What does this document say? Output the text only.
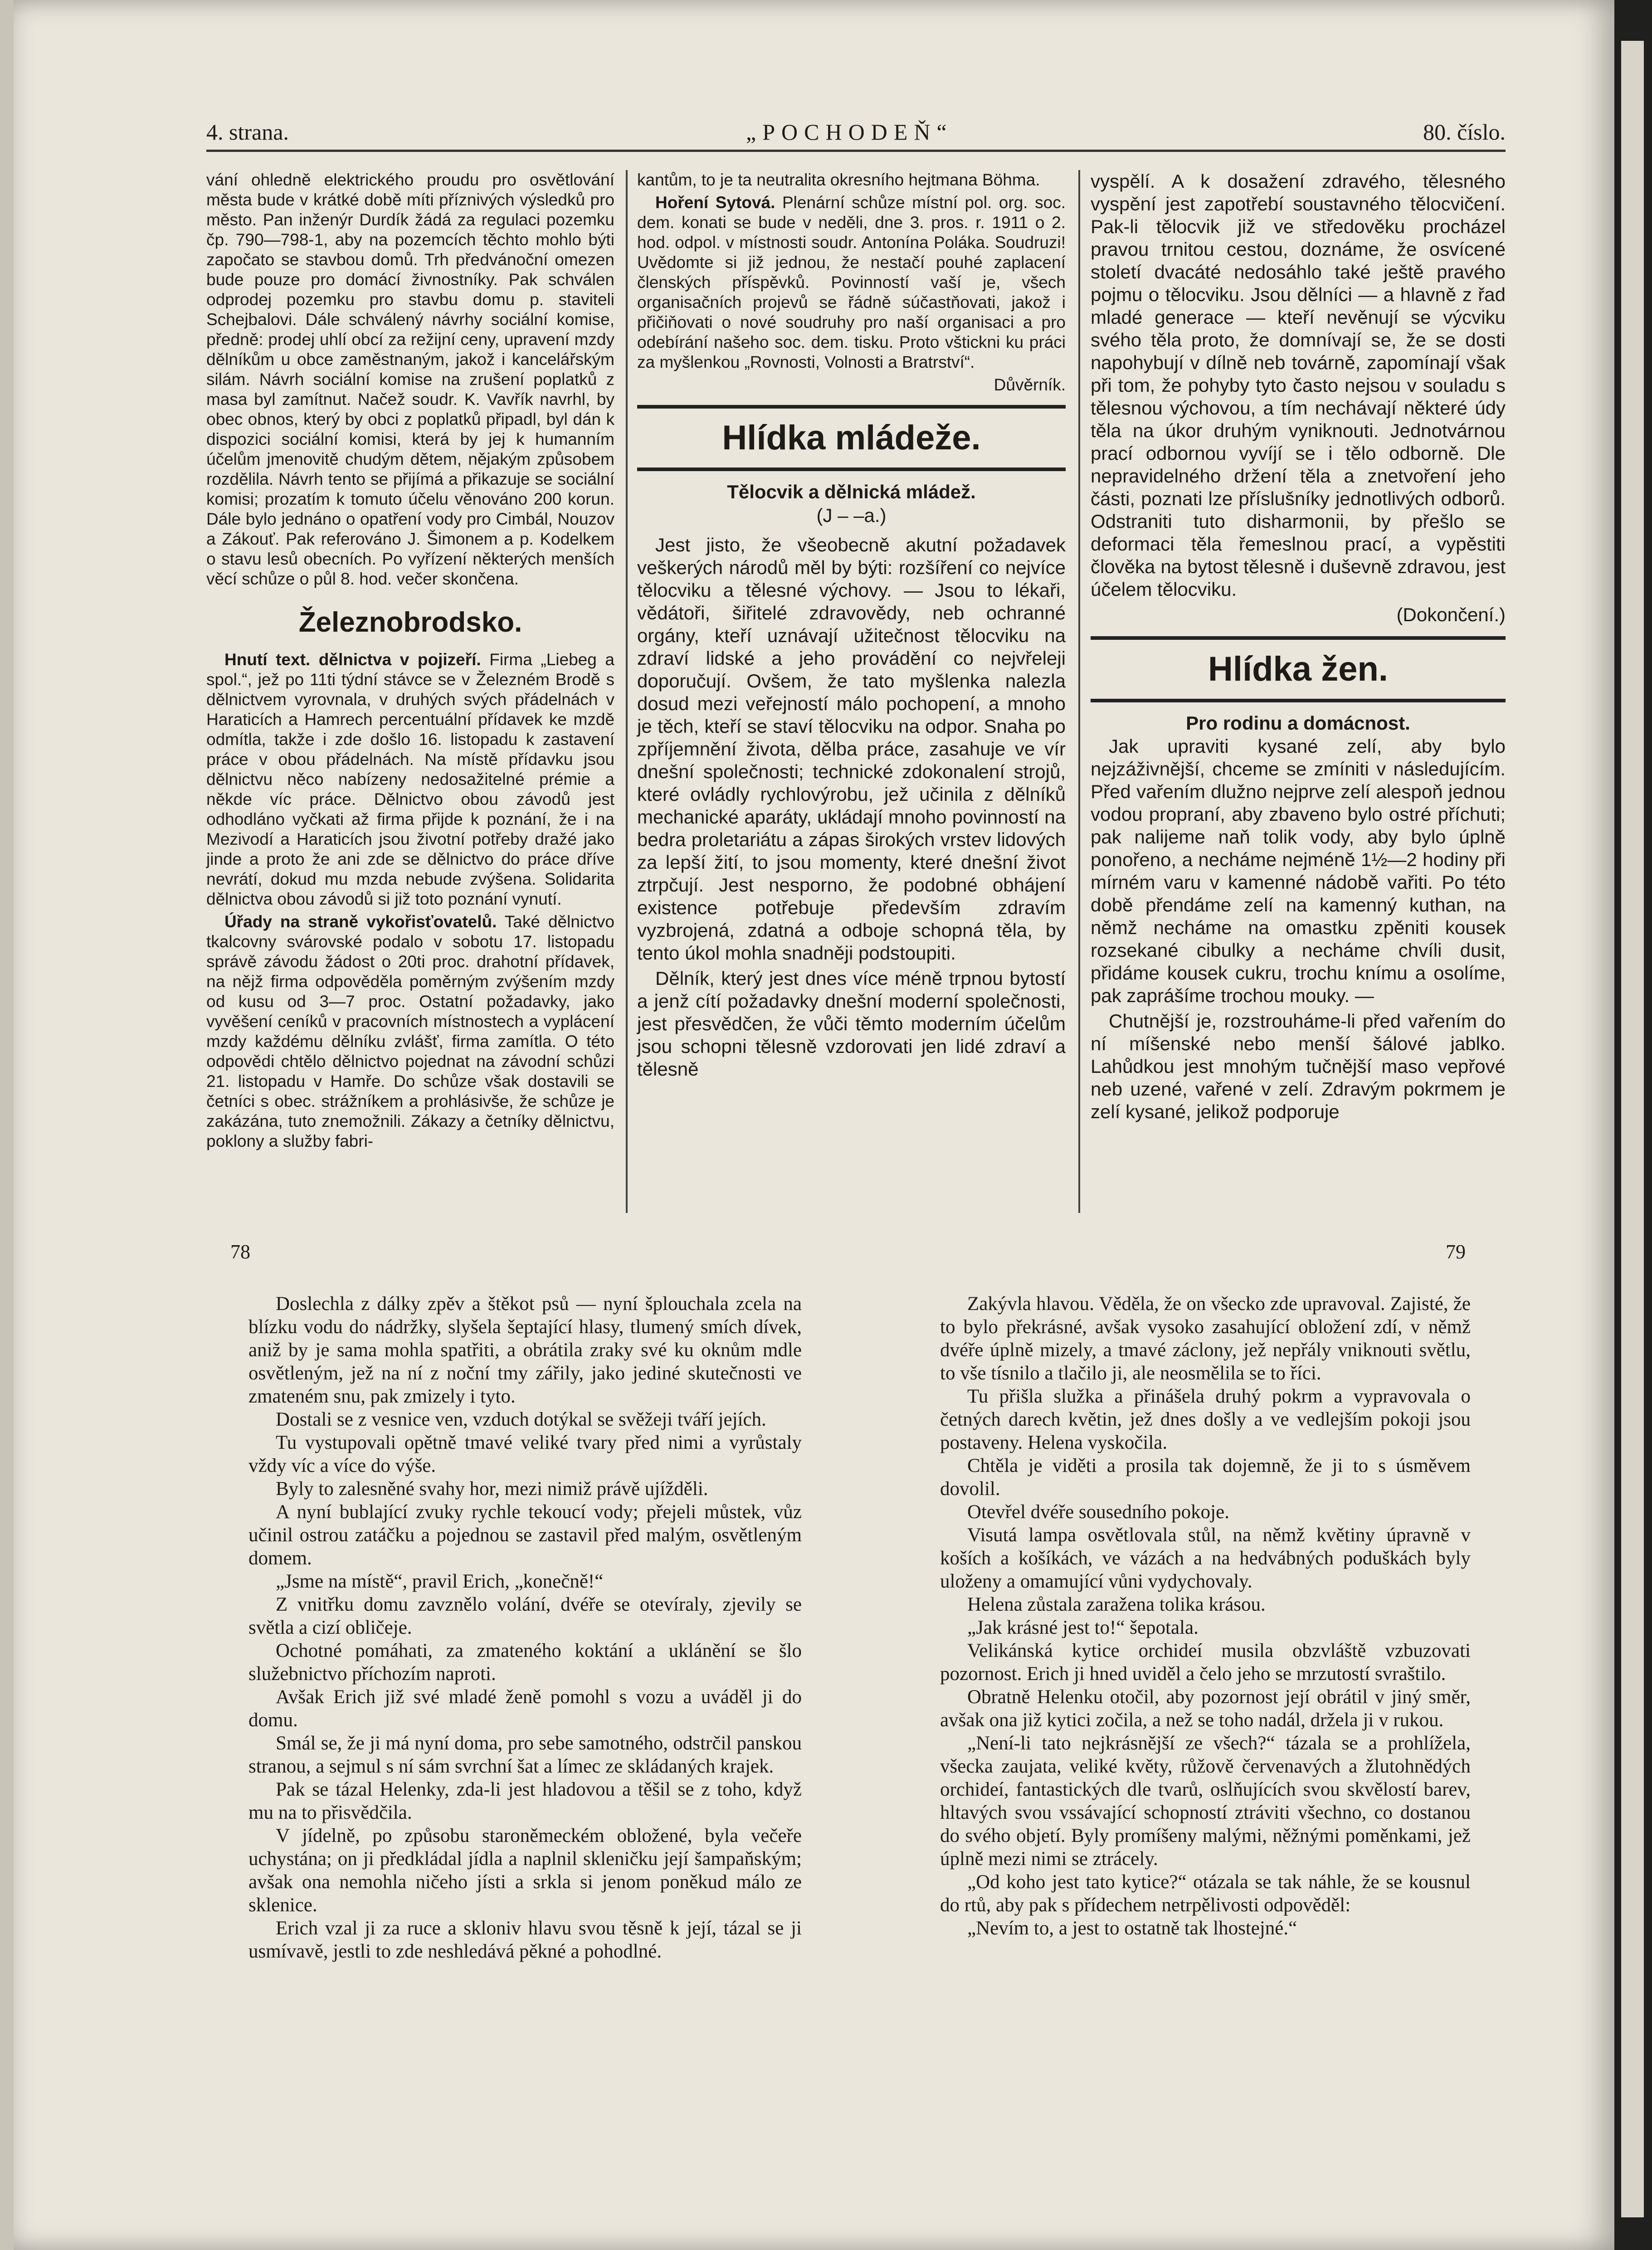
4. strana.	„POCHODEŇ“	80. číslo.

vání ohledně elektrického proudu pro osvětlování města bude v krátké době míti příznivých výsledků pro město. Pan inženýr Durdík žádá za regulaci pozemku čp. 790—798-1, aby na pozemcích těchto mohlo býti započato se stavbou domů. Trh předvánoční omezen bude pouze pro domácí živnostníky. Pak schválen odprodej pozemku pro stavbu domu p. staviteli Schejbalovi. Dále schválený návrhy sociální komise, předně: prodej uhlí obcí za režijní ceny, upravení mzdy dělníkům u obce zaměstnaným, jakož i kancelářským silám. Návrh sociální komise na zrušení poplatků z masa byl zamítnut. Načež soudr. K. Vavřík navrhl, by obec obnos, který by obci z poplatků připadl, byl dán k dispozici sociální komisi, která by jej k humanním účelům jmenovitě chudým dětem, nějakým způsobem rozdělila. Návrh tento se přijímá a přikazuje se sociální komisi; prozatím k tomuto účelu věnováno 200 korun. Dále bylo jednáno o opatření vody pro Cimbál, Nouzov a Zákouť. Pak referováno J. Šimonem a p. Kodelkem o stavu lesů obecních. Po vyřízení některých menších věcí schůze o půl 8. hod. večer skončena.

Železnobrodsko.

Hnutí text. dělnictva v pojizeří. Firma „Liebeg a spol.“, jež po 11ti týdní stávce se v Železném Brodě s dělnictvem vyrovnala, v druhých svých přádelnách v Haraticích a Hamrech percentuální přídavek ke mzdě odmítla, takže i zde došlo 16. listopadu k zastavení práce v obou přádelnách. Na místě přídavku jsou dělnictvu něco nabízeny nedosažitelné prémie a někde víc práce. Dělnictvo obou závodů jest odhodláno vyčkati až firma přijde k poznání, že i na Mezivodí a Haraticích jsou životní potřeby dražé jako jinde a proto že ani zde se dělnictvo do práce dříve nevrátí, dokud mu mzda nebude zvýšena. Solidarita dělnictva obou závodů si již toto poznání vynutí.

Úřady na straně vykořisťovatelů. Také dělnictvo tkalcovny svárovské podalo v sobotu 17. listopadu správě závodu žádost o 20ti proc. drahotní přídavek, na nějž firma odpověděla poměrným zvýšením mzdy od kusu od 3—7 proc. Ostatní požadavky, jako vyvěšení ceníků v pracovních místnostech a vyplácení mzdy každému dělníku zvlášť, firma zamítla. O této odpovědi chtělo dělnictvo pojednat na závodní schůzi 21. listopadu v Hamře. Do schůze však dostavili se četníci s obec. strážníkem a prohlásivše, že schůze je zakázána, tuto znemožnili. Zákazy a četníky dělnictvu, poklony a služby fabri-

kantům, to je ta neutralita okresního hejtmana Böhma.

Hoření Sytová. Plenární schůze místní pol. org. soc. dem. konati se bude v neděli, dne 3. pros. r. 1911 o 2. hod. odpol. v místnosti soudr. Antonína Poláka. Soudruzi! Uvědomte si již jednou, že nestačí pouhé zaplacení členských příspěvků. Povinností vaší je, všech organisačních projevů se řádně súčastňovati, jakož i přičiňovati o nové soudruhy pro naší organisaci a pro odebírání našeho soc. dem. tisku. Proto vštickni ku práci za myšlenkou „Rovnosti, Volnosti a Bratrství“.

Důvěrník.

Hlídka mládeže.
Tělocvik a dělnická mládež.
(J – –a.)

Jest jisto, že všeobecně akutní požadavek veškerých národů měl by býti: rozšíření co nejvíce tělocviku a tělesné výchovy. — Jsou to lékaři, vědátoři, šiřitelé zdravovědy, neb ochranné orgány, kteří uznávají užitečnost tělocviku na zdraví lidské a jeho provádění co nejvřeleji doporučují. Ovšem, že tato myšlenka nalezla dosud mezi veřejností málo pochopení, a mnoho je těch, kteří se staví tělocviku na odpor. Snaha po zpříjemnění života, dělba práce, zasahuje ve vír dnešní společnosti; technické zdokonalení strojů, které ovládly rychlovýrobu, jež učinila z dělníků mechanické aparáty, ukládají mnoho povinností na bedra proletariátu a zápas širokých vrstev lidových za lepší žití, to jsou momenty, které dnešní život ztrpčují. Jest nesporno, že podobné obhájení existence potřebuje především zdravím vyzbrojená, zdatná a odboje schopná těla, by tento úkol mohla snadněji podstoupiti.

Dělník, který jest dnes více méně trpnou bytostí a jenž cítí požadavky dnešní moderní společnosti, jest přesvědčen, že vůči těmto moderním účelům jsou schopni tělesně vzdorovati jen lidé zdraví a tělesně

vyspělí. A k dosažení zdravého, tělesného vyspění jest zapotřebí soustavného tělocvičení. Pak-li tělocvik již ve středověku procházel pravou trnitou cestou, doznáme, že osvícené století dvacáté nedosáhlo také ještě pravého pojmu o tělocviku. Jsou dělníci — a hlavně z řad mladé generace — kteří nevěnují se výcviku svého těla proto, že domnívají se, že se dosti napohybují v dílně neb továrně, zapomínají však při tom, že pohyby tyto často nejsou v souladu s tělesnou výchovou, a tím nechávají některé údy těla na úkor druhým vyniknouti. Jednotvárnou prací odbornou vyvíjí se i tělo odborně. Dle nepravidelného držení těla a znetvoření jeho části, poznati lze příslušníky jednotlivých odborů. Odstraniti tuto disharmonii, by přešlo se deformaci těla řemeslnou prací, a vypěstiti člověka na bytost tělesně i duševně zdravou, jest účelem tělocviku.

(Dokončení.)

Hlídka žen.
Pro rodinu a domácnost.

Jak upraviti kysané zelí, aby bylo nejzáživnější, chceme se zmíniti v následujícím. Před vařením dlužno nejprve zelí alespoň jednou vodou propraní, aby zbaveno bylo ostré příchuti; pak nalijeme naň tolik vody, aby bylo úplně ponořeno, a necháme nejméně 1½—2 hodiny při mírném varu v kamenné nádobě vařiti. Po této době přendáme zelí na kamenný kuthan, na němž necháme na omastku zpěniti kousek rozsekané cibulky a necháme chvíli dusit, přidáme kousek cukru, trochu knímu a osolíme, pak zaprášíme trochou mouky. —

Chutnější je, rozstrouháme-li před vařením do ní míšenské nebo menší šálové jablko. Lahůdkou jest mnohým tučnější maso vepřové neb uzené, vařené v zelí. Zdravým pokrmem je zelí kysané, jelikož podporuje

78	79

Doslechla z dálky zpěv a štěkot psů — nyní šplouchala zcela na blízku vodu do nádržky, slyšela šeptající hlasy, tlumený smích dívek, aniž by je sama mohla spatřiti, a obrátila zraky své ku oknům mdle osvětleným, jež na ní z noční tmy zářily, jako jediné skutečnosti ve zmateném snu, pak zmizely i tyto.

Dostali se z vesnice ven, vzduch dotýkal se svěžeji tváří jejích.

Tu vystupovali opětně tmavé veliké tvary před nimi a vyrůstaly vždy víc a více do výše.

Byly to zalesněné svahy hor, mezi nimiž právě ujížděli.

A nyní bublající zvuky rychle tekoucí vody; přejeli můstek, vůz učinil ostrou zatáčku a pojednou se zastavil před malým, osvětleným domem.

„Jsme na místě“, pravil Erich, „konečně!“

Z vnitřku domu zavznělo volání, dvéře se otevíraly, zjevily se světla a cizí obličeje.

Ochotné pomáhati, za zmateného koktání a uklánění se šlo služebnictvo příchozím naproti.

Avšak Erich již své mladé ženě pomohl s vozu a uváděl ji do domu.

Smál se, že ji má nyní doma, pro sebe samotného, odstrčil panskou stranou, a sejmul s ní sám svrchní šat a límec ze skládaných krajek.

Pak se tázal Helenky, zda-li jest hladovou a těšil se z toho, když mu na to přisvědčila.

V jídelně, po způsobu staroněmeckém obložené, byla večeře uchystána; on ji předkládal jídla a naplnil skleničku její šampaňským; avšak ona nemohla ničeho jísti a srkla si jenom poněkud málo ze sklenice.

Erich vzal ji za ruce a skloniv hlavu svou těsně k její, tázal se ji usmívavě, jestli to zde neshledává pěkné a pohodlné.

Zakývla hlavou. Věděla, že on všecko zde upravoval. Zajisté, že to bylo překrásné, avšak vysoko zasahující obložení zdí, v němž dvéře úplně mizely, a tmavé záclony, jež nepřály vniknouti světlu, to vše tísnilo a tlačilo ji, ale neosmělila se to říci.

Tu přišla služka a přinášela druhý pokrm a vypravovala o četných darech květin, jež dnes došly a ve vedlejším pokoji jsou postaveny. Helena vyskočila.

Chtěla je viděti a prosila tak dojemně, že ji to s úsměvem dovolil.

Otevřel dvéře sousedního pokoje.

Visutá lampa osvětlovala stůl, na němž květiny úpravně v koších a košíkách, ve vázách a na hedvábných poduškách byly uloženy a omamující vůni vydychovaly.

Helena zůstala zaražena tolika krásou.

„Jak krásné jest to!“ šepotala.

Velikánská kytice orchideí musila obzvláště vzbuzovati pozornost. Erich ji hned uviděl a čelo jeho se mrzutostí svraštilo.

Obratně Helenku otočil, aby pozornost její obrátil v jiný směr, avšak ona již kytici zočila, a než se toho nadál, držela ji v rukou.

„Není-li tato nejkrásnější ze všech?“ tázala se a prohlížela, všecka zaujata, veliké květy, růžově červenavých a žlutohnědých orchideí, fantastických dle tvarů, oslňujících svou skvělostí barev, hltavých svou vssávající schopností ztráviti všechno, co dostanou do svého objetí. Byly promíšeny malými, něžnými poměnkami, jež úplně mezi nimi se ztrácely.

„Od koho jest tato kytice?“ otázala se tak náhle, že se kousnul do rtů, aby pak s přídechem netrpělivosti odpověděl:

„Nevím to, a jest to ostatně tak lhostejné.“
